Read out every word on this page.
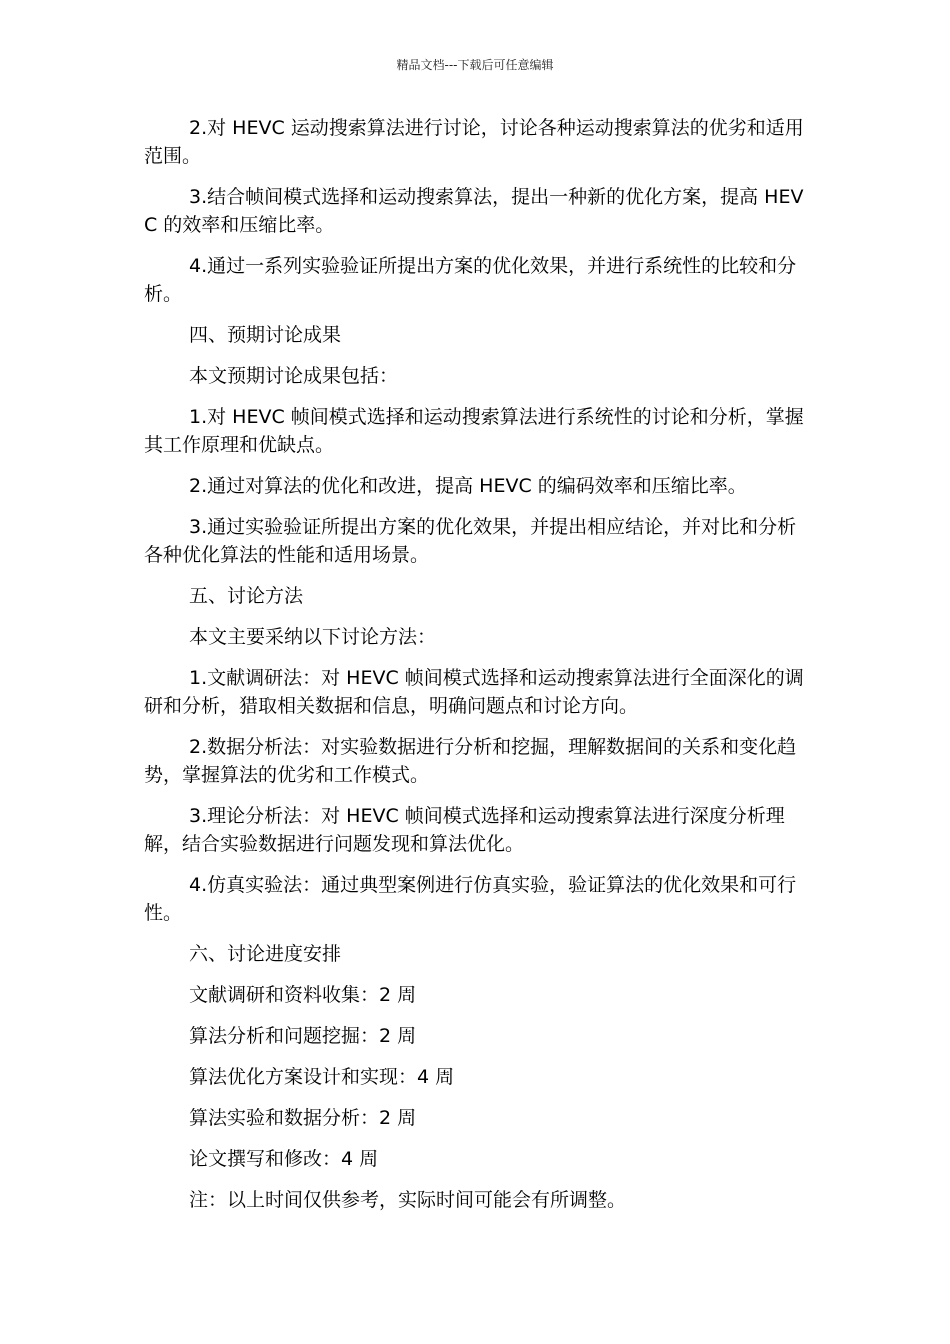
精品文档---下载后可任意编辑

2.对 HEVC 运动搜索算法进行讨论，讨论各种运动搜索算法的优劣和适用范围。

3.结合帧间模式选择和运动搜索算法，提出一种新的优化方案，提高 HEVC 的效率和压缩比率。

4.通过一系列实验验证所提出方案的优化效果，并进行系统性的比较和分析。

四、预期讨论成果

本文预期讨论成果包括：

1.对 HEVC 帧间模式选择和运动搜索算法进行系统性的讨论和分析，掌握其工作原理和优缺点。

2.通过对算法的优化和改进，提高 HEVC 的编码效率和压缩比率。

3.通过实验验证所提出方案的优化效果，并提出相应结论，并对比和分析各种优化算法的性能和适用场景。

五、讨论方法

本文主要采纳以下讨论方法：

1.文献调研法：对 HEVC 帧间模式选择和运动搜索算法进行全面深化的调研和分析，猎取相关数据和信息，明确问题点和讨论方向。

2.数据分析法：对实验数据进行分析和挖掘，理解数据间的关系和变化趋势，掌握算法的优劣和工作模式。

3.理论分析法：对 HEVC 帧间模式选择和运动搜索算法进行深度分析理解，结合实验数据进行问题发现和算法优化。

4.仿真实验法：通过典型案例进行仿真实验，验证算法的优化效果和可行性。

六、讨论进度安排

文献调研和资料收集：2 周

算法分析和问题挖掘：2 周

算法优化方案设计和实现：4 周

算法实验和数据分析：2 周

论文撰写和修改：4 周

注：以上时间仅供参考，实际时间可能会有所调整。
